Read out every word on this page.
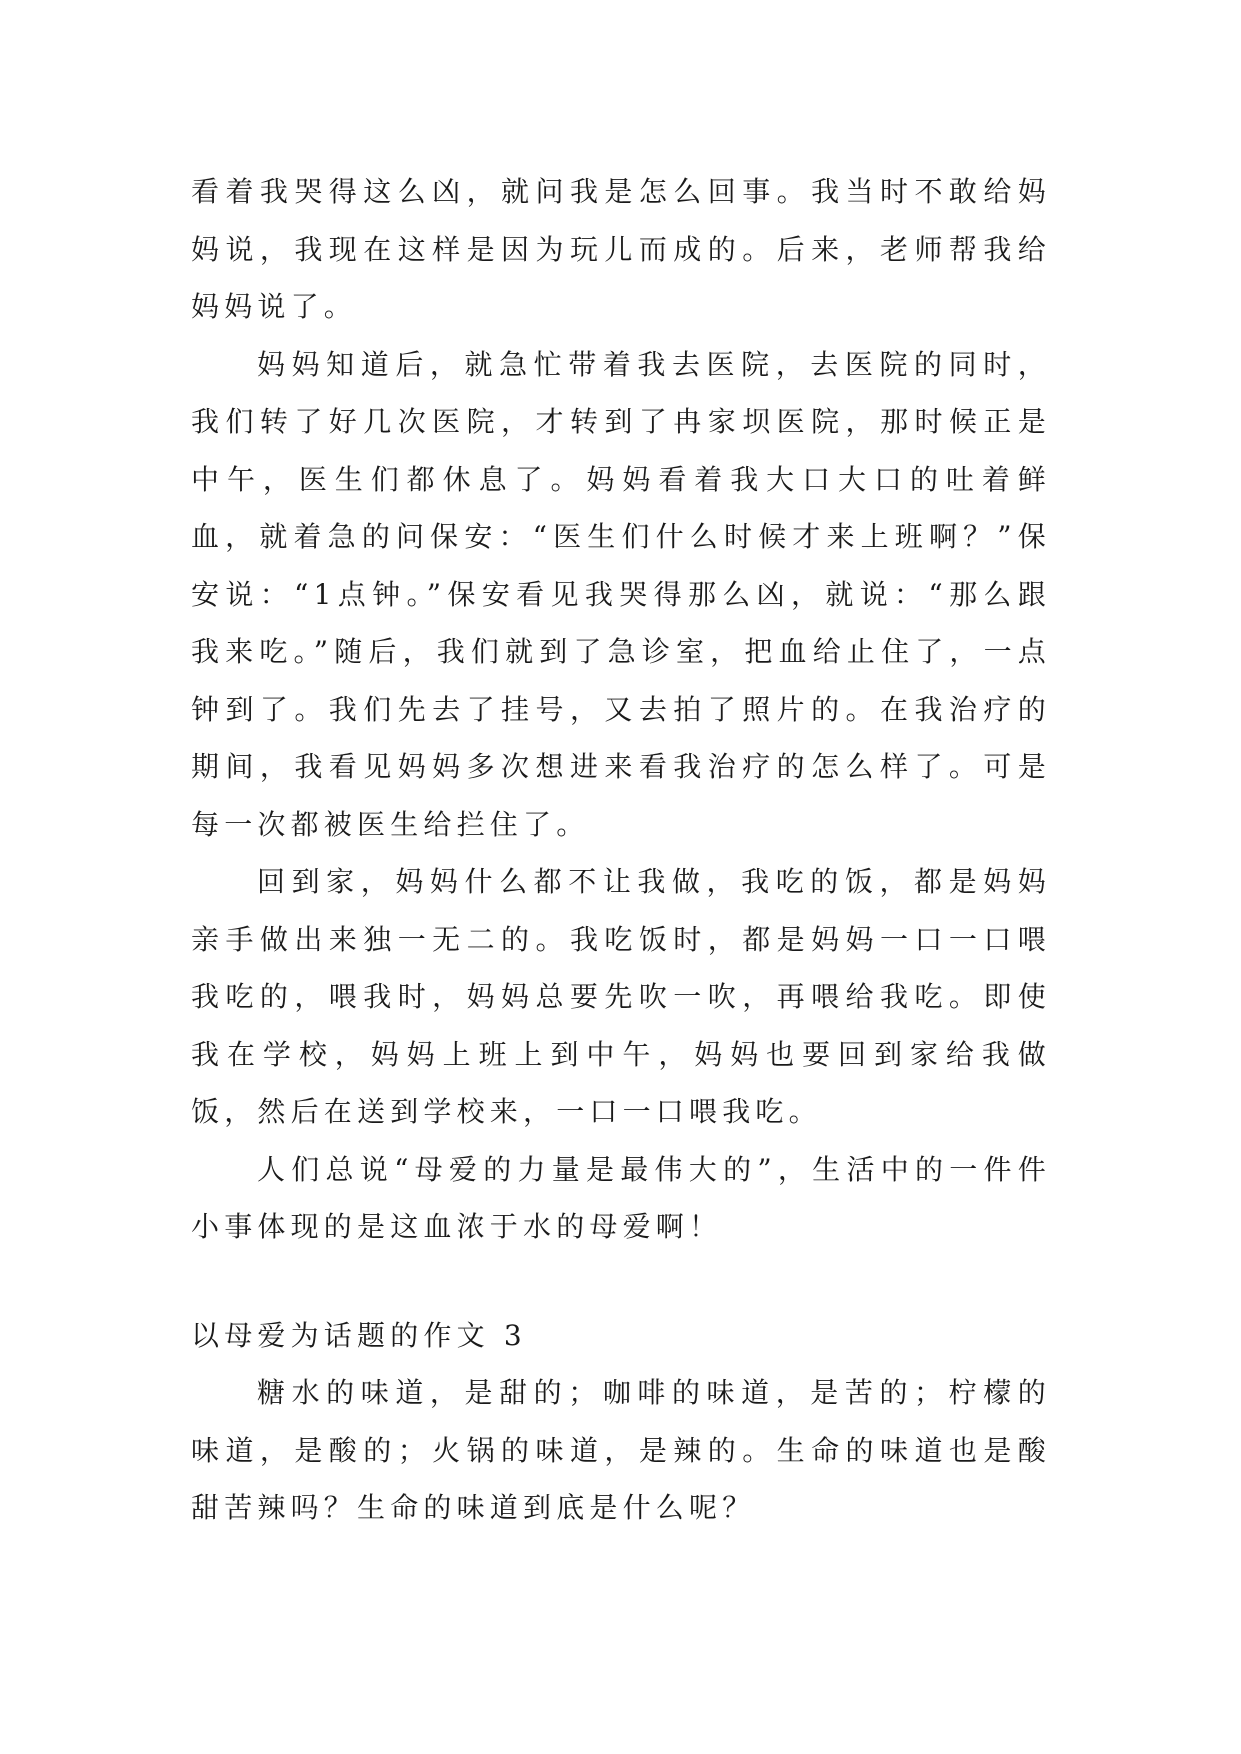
看着我哭得这么凶，就问我是怎么回事。我当时不敢给妈妈说，我现在这样是因为玩儿而成的。后来，老师帮我给妈妈说了。

妈妈知道后，就急忙带着我去医院，去医院的同时，我们转了好几次医院，才转到了冉家坝医院，那时候正是中午，医生们都休息了。妈妈看着我大口大口的吐着鲜血，就着急的问保安：“医生们什么时候才来上班啊？”保安说：“1点钟。”保安看见我哭得那么凶，就说：“那么跟我来吃。”随后，我们就到了急诊室，把血给止住了，一点钟到了。我们先去了挂号，又去拍了照片的。在我治疗的期间，我看见妈妈多次想进来看我治疗的怎么样了。可是每一次都被医生给拦住了。

回到家，妈妈什么都不让我做，我吃的饭，都是妈妈亲手做出来独一无二的。我吃饭时，都是妈妈一口一口喂我吃的，喂我时，妈妈总要先吹一吹，再喂给我吃。即使我在学校，妈妈上班上到中午，妈妈也要回到家给我做饭，然后在送到学校来，一口一口喂我吃。

人们总说“母爱的力量是最伟大的”，生活中的一件件小事体现的是这血浓于水的母爱啊！

以母爱为话题的作文 3

糖水的味道，是甜的；咖啡的味道，是苦的；柠檬的味道，是酸的；火锅的味道，是辣的。生命的味道也是酸甜苦辣吗？生命的味道到底是什么呢？
